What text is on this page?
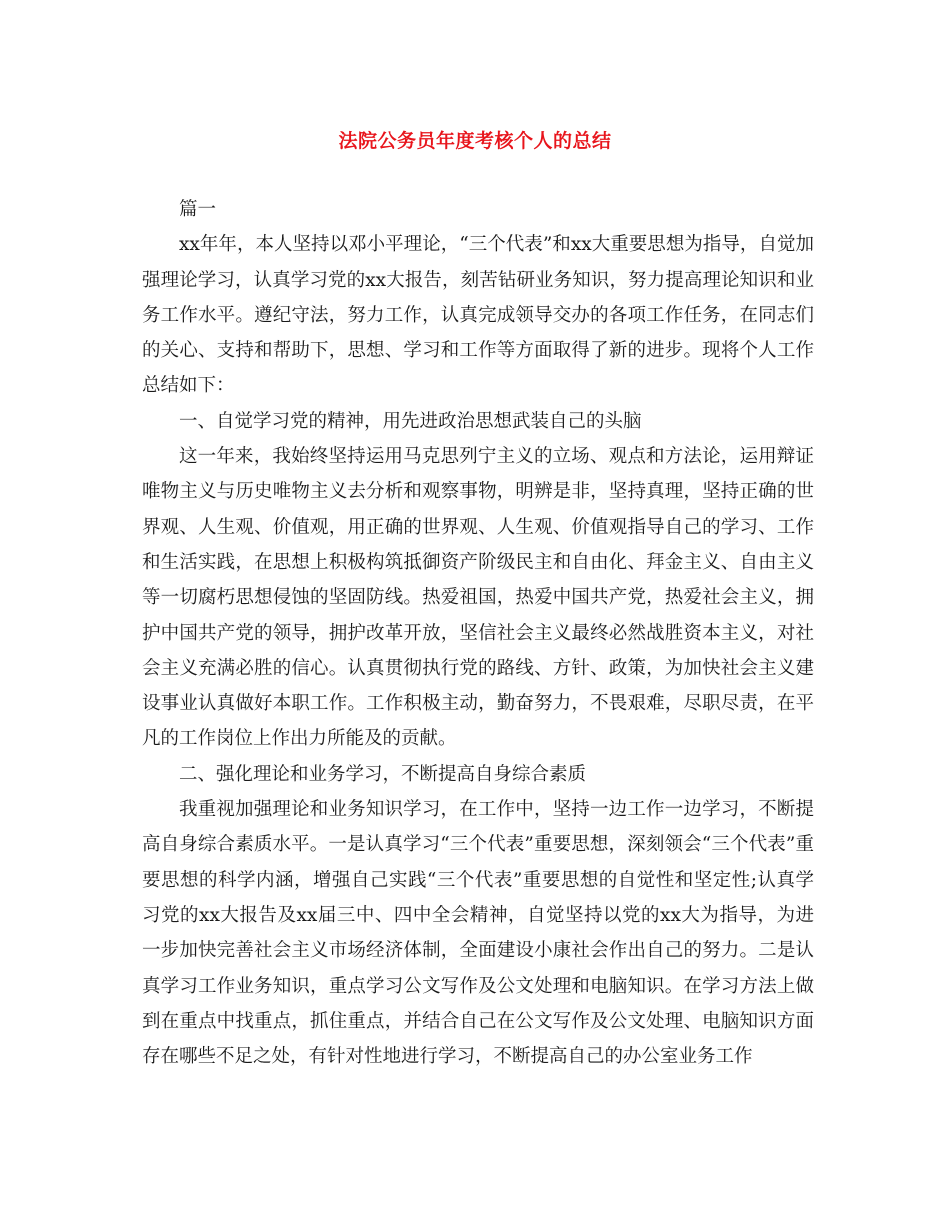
法院公务员年度考核个人的总结

篇一

xx年年，本人坚持以邓小平理论，“三个代表”和xx大重要思想为指导，自觉加强理论学习，认真学习党的xx大报告，刻苦钻研业务知识，努力提高理论知识和业务工作水平。遵纪守法，努力工作，认真完成领导交办的各项工作任务，在同志们的关心、支持和帮助下，思想、学习和工作等方面取得了新的进步。现将个人工作总结如下：

一、自觉学习党的精神，用先进政治思想武装自己的头脑

这一年来，我始终坚持运用马克思列宁主义的立场、观点和方法论，运用辩证唯物主义与历史唯物主义去分析和观察事物，明辨是非，坚持真理，坚持正确的世界观、人生观、价值观，用正确的世界观、人生观、价值观指导自己的学习、工作和生活实践，在思想上积极构筑抵御资产阶级民主和自由化、拜金主义、自由主义等一切腐朽思想侵蚀的坚固防线。热爱祖国，热爱中国共产党，热爱社会主义，拥护中国共产党的领导，拥护改革开放，坚信社会主义最终必然战胜资本主义，对社会主义充满必胜的信心。认真贯彻执行党的路线、方针、政策，为加快社会主义建设事业认真做好本职工作。工作积极主动，勤奋努力，不畏艰难，尽职尽责，在平凡的工作岗位上作出力所能及的贡献。

二、强化理论和业务学习，不断提高自身综合素质

我重视加强理论和业务知识学习，在工作中，坚持一边工作一边学习，不断提高自身综合素质水平。一是认真学习“三个代表”重要思想，深刻领会“三个代表”重要思想的科学内涵，增强自己实践“三个代表”重要思想的自觉性和坚定性;认真学习党的xx大报告及xx届三中、四中全会精神，自觉坚持以党的xx大为指导，为进一步加快完善社会主义市场经济体制，全面建设小康社会作出自己的努力。二是认真学习工作业务知识，重点学习公文写作及公文处理和电脑知识。在学习方法上做到在重点中找重点，抓住重点，并结合自己在公文写作及公文处理、电脑知识方面存在哪些不足之处，有针对性地进行学习，不断提高自己的办公室业务工作
